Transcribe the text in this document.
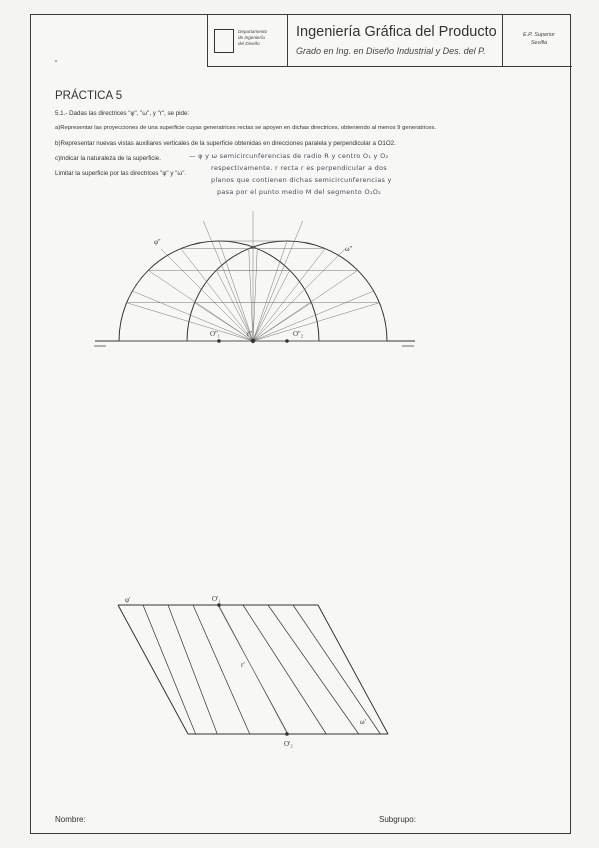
Departamento
de Ingeniería
del Diseño
Ingeniería Gráfica del Producto
Grado en Ing. en Diseño Industrial y Des. del P.
E.P. Superior
Sevilla
PRÁCTICA 5
5.1.- Dadas las directrices "φ", "ω", y "r", se pide:
a)Representar las proyecciones de una superficie cuyas generatrices rectas se apoyen en dichas directrices, obteniendo al menos 9 generatrices.
b)Representar nuevas vistas auxiliares verticales de la superficie obtenidas en direcciones paralela y perpendicular a O1O2.
c)Indicar la naturaleza de la superficie.
Limitar la superficie por las directrices "φ" y "ω".
— φ y ω semicircunferencias de radio R y centro O₁ y O₂
respectivamente. r recta r es perpendicular a dos
planos que contienen dichas semicircunferencias y
pasa por el punto medio M del segmento O₁O₂
Nombre:	Subgrupo:
φ''
ω''
O''₁	r''	O''₂
φ'	O'₁
r'
ω'
O'₂
